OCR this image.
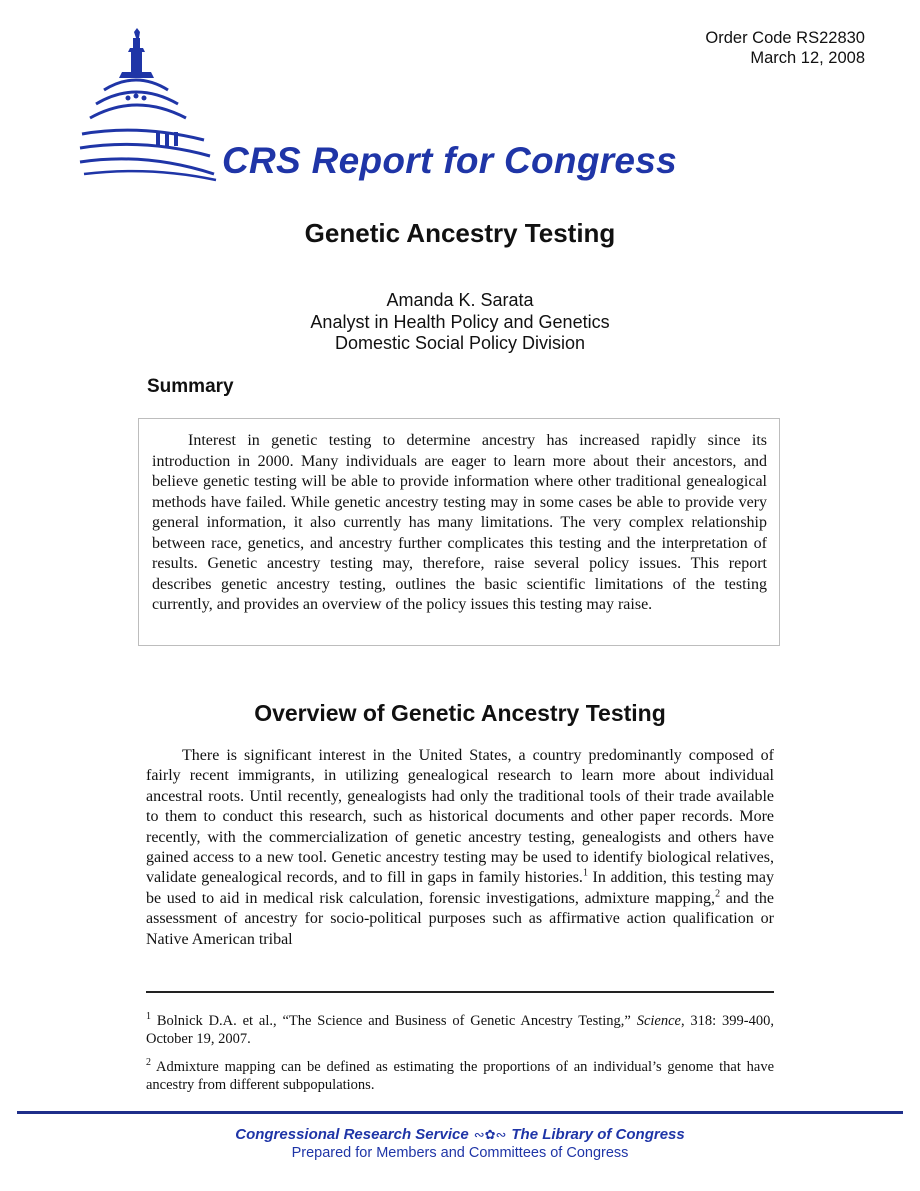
Order Code RS22830
March 12, 2008
CRS Report for Congress
Genetic Ancestry Testing
Amanda K. Sarata
Analyst in Health Policy and Genetics
Domestic Social Policy Division
Summary

Interest in genetic testing to determine ancestry has increased rapidly since its introduction in 2000. Many individuals are eager to learn more about their ancestors, and believe genetic testing will be able to provide information where other traditional genealogical methods have failed. While genetic ancestry testing may in some cases be able to provide very general information, it also currently has many limitations. The very complex relationship between race, genetics, and ancestry further complicates this testing and the interpretation of results. Genetic ancestry testing may, therefore, raise several policy issues. This report describes genetic ancestry testing, outlines the basic scientific limitations of the testing currently, and provides an overview of the policy issues this testing may raise.

Overview of Genetic Ancestry Testing

There is significant interest in the United States, a country predominantly composed of fairly recent immigrants, in utilizing genealogical research to learn more about individual ancestral roots. Until recently, genealogists had only the traditional tools of their trade available to them to conduct this research, such as historical documents and other paper records. More recently, with the commercialization of genetic ancestry testing, genealogists and others have gained access to a new tool. Genetic ancestry testing may be used to identify biological relatives, validate genealogical records, and to fill in gaps in family histories.$^1$ In addition, this testing may be used to aid in medical risk calculation, forensic investigations, admixture mapping,$^2$ and the assessment of ancestry for socio-political purposes such as affirmative action qualification or Native American tribal

$^1$ Bolnick D.A. et al., “The Science and Business of Genetic Ancestry Testing,” Science, 318: 399-400, October 19, 2007.

$^2$ Admixture mapping can be defined as estimating the proportions of an individual’s genome that have ancestry from different subpopulations.

Congressional Research Service ∾✿∾ The Library of Congress
Prepared for Members and Committees of Congress
